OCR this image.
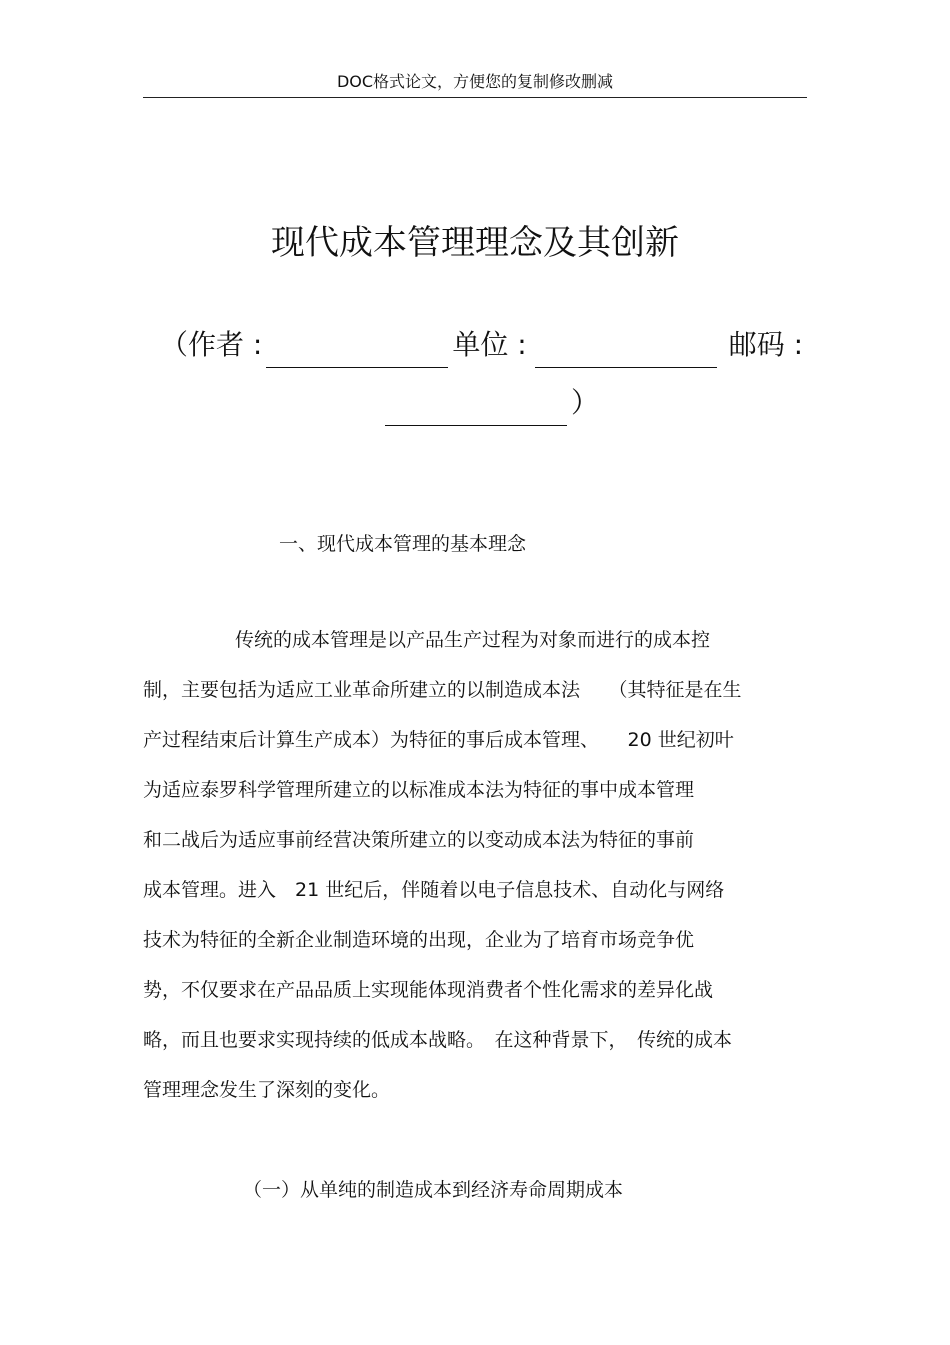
DOC格式论文，方便您的复制修改删减
现代成本管理理念及其创新
（ 作者 :	单位 :	邮码 :
）
一、现代成本管理的基本理念
传统的成本管理是以产品生产过程为对象而进行的成本控
制，主要包括为适应工业革命所建立的以制造成本法　　（其特征是在生
产过程结束后计算生产成本）为特征的事后成本管理、　　20 世纪初叶
为适应泰罗科学管理所建立的以标准成本法为特征的事中成本管理
和二战后为适应事前经营决策所建立的以变动成本法为特征的事前
成本管理。进入　21 世纪后，伴随着以电子信息技术、自动化与网络
技术为特征的全新企业制造环境的出现，企业为了培育市场竞争优
势，不仅要求在产品品质上实现能体现消费者个性化需求的差异化战
略，而且也要求实现持续的低成本战略。　在这种背景下，　传统的成本
管理理念发生了深刻的变化。
（一）从单纯的制造成本到经济寿命周期成本
